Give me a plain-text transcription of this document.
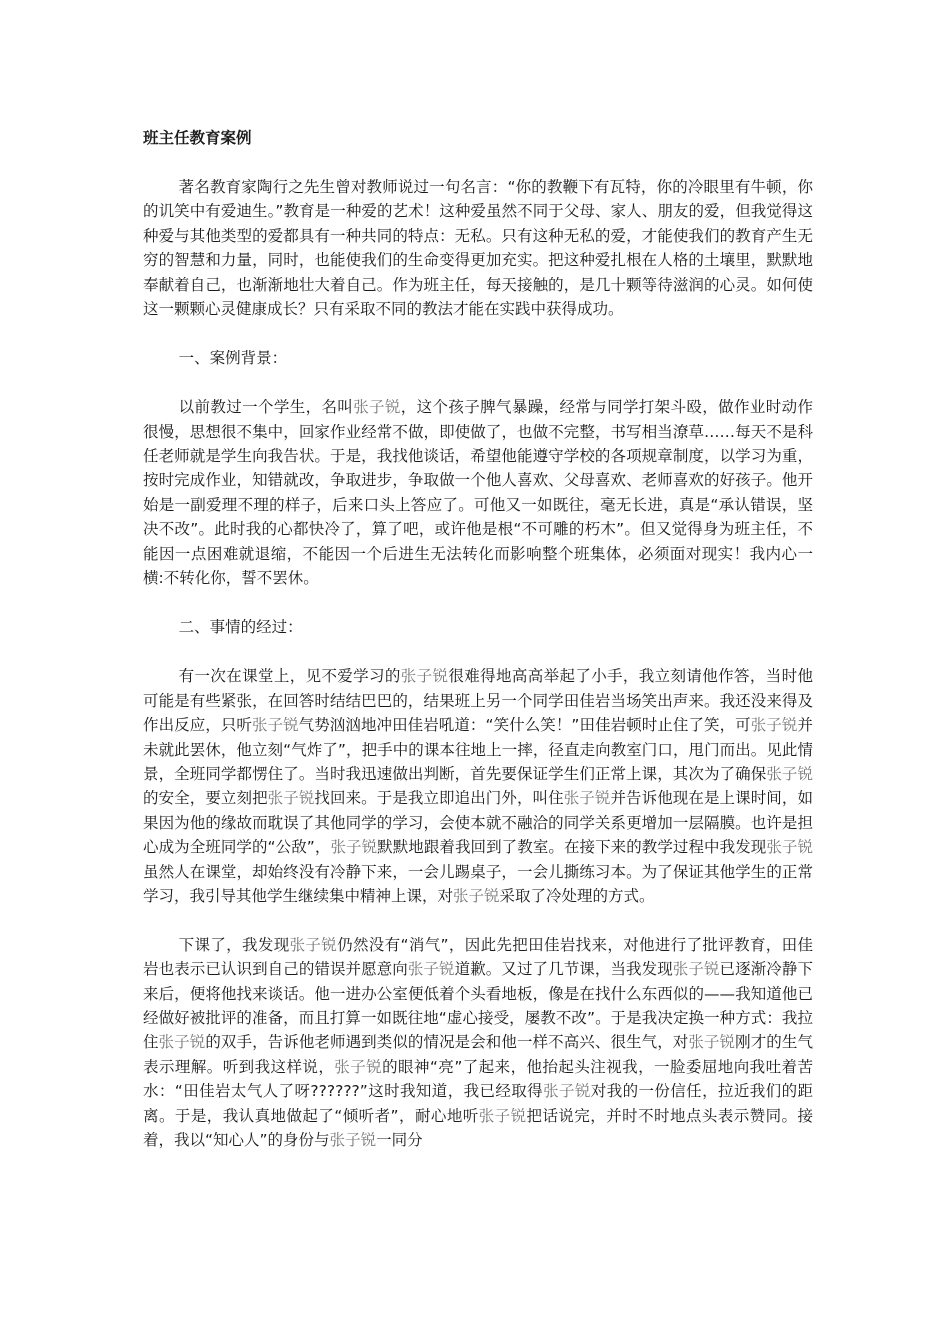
班主任教育案例

著名教育家陶行之先生曾对教师说过一句名言：“你的教鞭下有瓦特，你的冷眼里有牛顿，你的讥笑中有爱迪生。”教育是一种爱的艺术！这种爱虽然不同于父母、家人、朋友的爱，但我觉得这种爱与其他类型的爱都具有一种共同的特点：无私。只有这种无私的爱，才能使我们的教育产生无穷的智慧和力量，同时，也能使我们的生命变得更加充实。把这种爱扎根在人格的土壤里，默默地奉献着自己，也渐渐地壮大着自己。作为班主任，每天接触的，是几十颗等待滋润的心灵。如何使这一颗颗心灵健康成长？只有采取不同的教法才能在实践中获得成功。

一、案例背景：

以前教过一个学生，名叫张子锐，这个孩子脾气暴躁，经常与同学打架斗殴，做作业时动作很慢，思想很不集中，回家作业经常不做，即使做了，也做不完整，书写相当潦草……每天不是科任老师就是学生向我告状。于是，我找他谈话，希望他能遵守学校的各项规章制度，以学习为重，按时完成作业，知错就改，争取进步，争取做一个他人喜欢、父母喜欢、老师喜欢的好孩子。他开始是一副爱理不理的样子，后来口头上答应了。可他又一如既往，毫无长进，真是“承认错误，坚决不改”。此时我的心都快冷了，算了吧，或许他是根“不可雕的朽木”。但又觉得身为班主任，不能因一点困难就退缩，不能因一个后进生无法转化而影响整个班集体，必须面对现实！我内心一横:不转化你，誓不罢休。

二、事情的经过：

有一次在课堂上，见不爱学习的张子锐很难得地高高举起了小手，我立刻请他作答，当时他可能是有些紧张，在回答时结结巴巴的，结果班上另一个同学田佳岩当场笑出声来。我还没来得及作出反应，只听张子锐气势汹汹地冲田佳岩吼道：“笑什么笑！”田佳岩顿时止住了笑，可张子锐并未就此罢休，他立刻“气炸了”，把手中的课本往地上一摔，径直走向教室门口，甩门而出。见此情景，全班同学都愣住了。当时我迅速做出判断，首先要保证学生们正常上课，其次为了确保张子锐的安全，要立刻把张子锐找回来。于是我立即追出门外，叫住张子锐并告诉他现在是上课时间，如果因为他的缘故而耽误了其他同学的学习，会使本就不融洽的同学关系更增加一层隔膜。也许是担心成为全班同学的“公敌”，张子锐默默地跟着我回到了教室。在接下来的教学过程中我发现张子锐虽然人在课堂，却始终没有冷静下来，一会儿踢桌子，一会儿撕练习本。为了保证其他学生的正常学习，我引导其他学生继续集中精神上课，对张子锐采取了冷处理的方式。

下课了，我发现张子锐仍然没有“消气”，因此先把田佳岩找来，对他进行了批评教育，田佳岩也表示已认识到自己的错误并愿意向张子锐道歉。又过了几节课，当我发现张子锐已逐渐冷静下来后，便将他找来谈话。他一进办公室便低着个头看地板，像是在找什么东西似的——我知道他已经做好被批评的准备，而且打算一如既往地“虚心接受，屡教不改”。于是我决定换一种方式：我拉住张子锐的双手，告诉他老师遇到类似的情况是会和他一样不高兴、很生气，对张子锐刚才的生气表示理解。听到我这样说，张子锐的眼神“亮”了起来，他抬起头注视我，一脸委屈地向我吐着苦水：“田佳岩太气人了呀??????”这时我知道，我已经取得张子锐对我的一份信任，拉近我们的距离。于是，我认真地做起了“倾听者”，耐心地听张子锐把话说完，并时不时地点头表示赞同。接着，我以“知心人”的身份与张子锐一同分
